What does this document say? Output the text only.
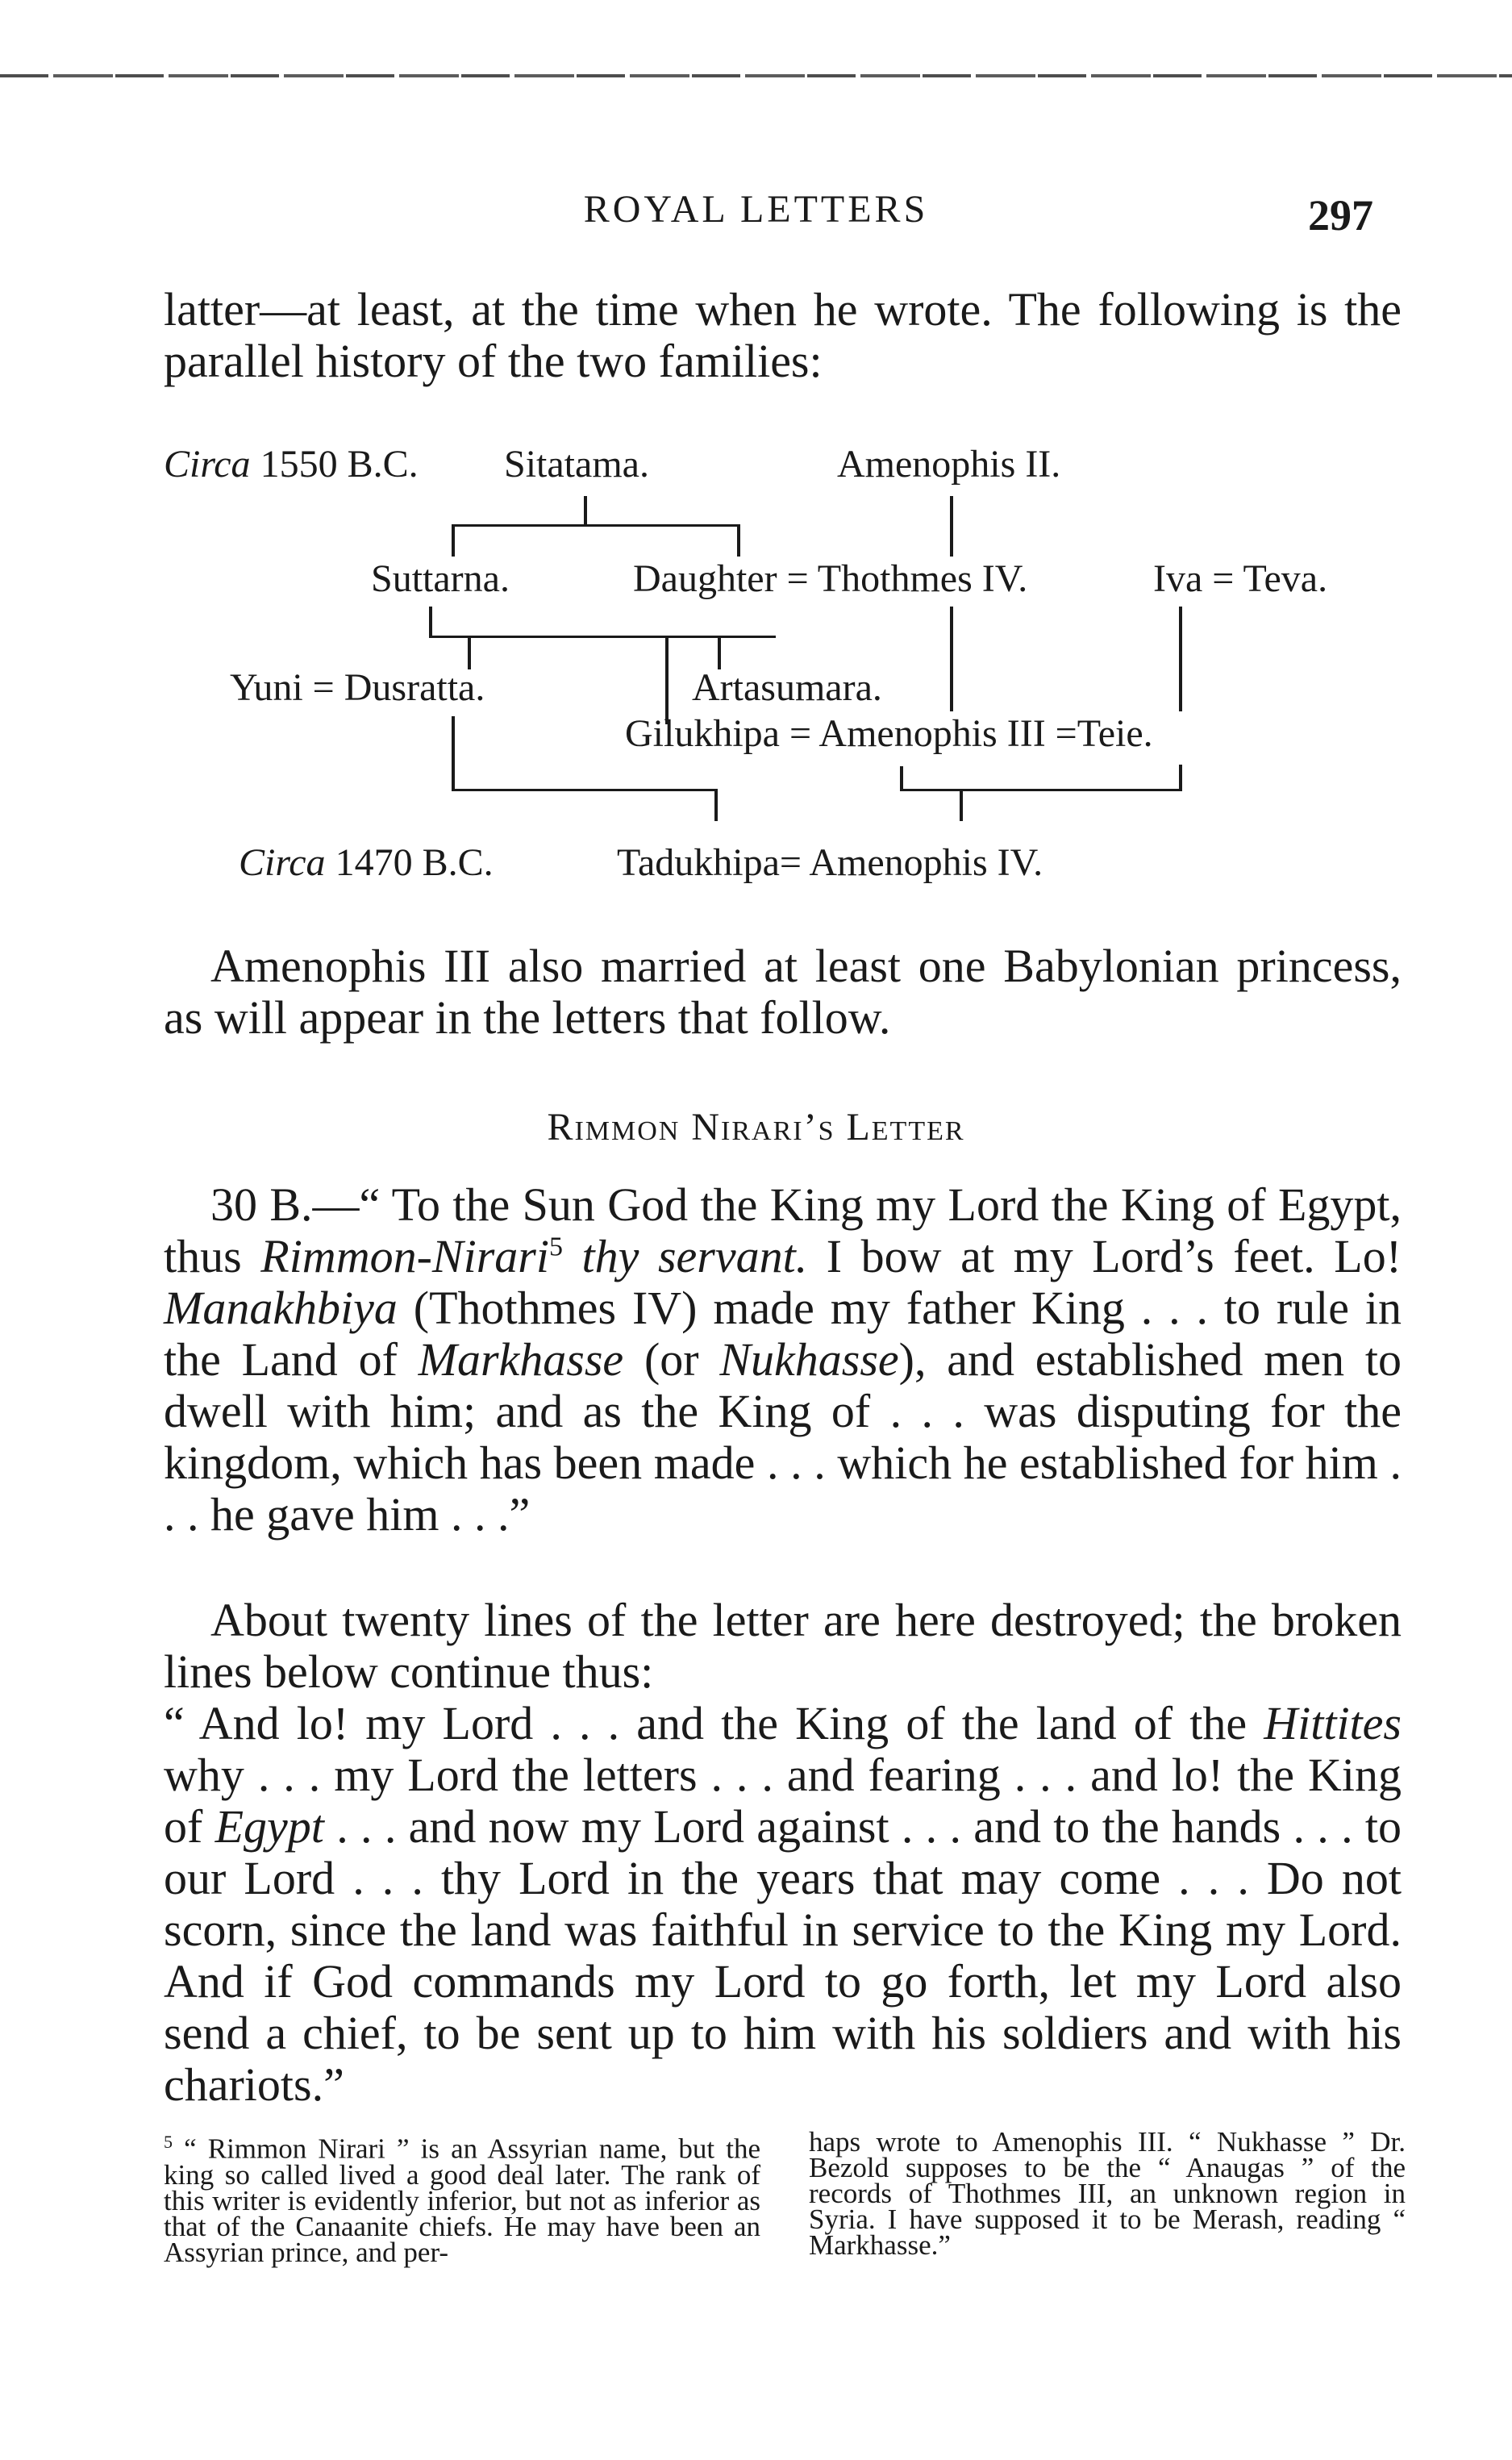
ROYAL LETTERS	297

latter—at least, at the time when he wrote. The following is the parallel history of the two families:

Circa 1550 B.C. Sitatama.	Amenophis II.
Suttarna.	Daughter = Thothmes IV.	Iva = Teva.
Yuni = Dusratta.	Artasumara.
Gilukhipa = Amenophis III =Teie.
Circa 1470 B.C.	Tadukhipa= Amenophis IV.

Amenophis III also married at least one Babylonian princess, as will appear in the letters that follow.

Rimmon Nirari’s Letter

30 B.—“ To the Sun God the King my Lord the King of Egypt, thus Rimmon-Nirari$^5$ thy servant. I bow at my Lord’s feet. Lo! Manakhbiya (Thothmes IV) made my father King . . . to rule in the Land of Markhasse (or Nukhasse), and established men to dwell with him; and as the King of . . . was disputing for the kingdom, which has been made . . . which he established for him . . . he gave him . . .”

About twenty lines of the letter are here destroyed; the broken lines below continue thus:

“ And lo! my Lord . . . and the King of the land of the Hittites why . . . my Lord the letters . . . and fearing . . . and lo! the King of Egypt . . . and now my Lord against . . . and to the hands . . . to our Lord . . . thy Lord in the years that may come . . . Do not scorn, since the land was faithful in service to the King my Lord. And if God commands my Lord to go forth, let my Lord also send a chief, to be sent up to him with his soldiers and with his chariots.”

$^5$ “ Rimmon Nirari ” is an Assyrian name, but the king so called lived a good deal later. The rank of this writer is evidently inferior, but not as inferior as that of the Canaanite chiefs. He may have been an Assyrian prince, and per-
haps wrote to Amenophis III. “ Nukhasse ” Dr. Bezold supposes to be the “ Anaugas ” of the records of Thothmes III, an unknown region in Syria. I have supposed it to be Merash, reading “ Markhasse.”
